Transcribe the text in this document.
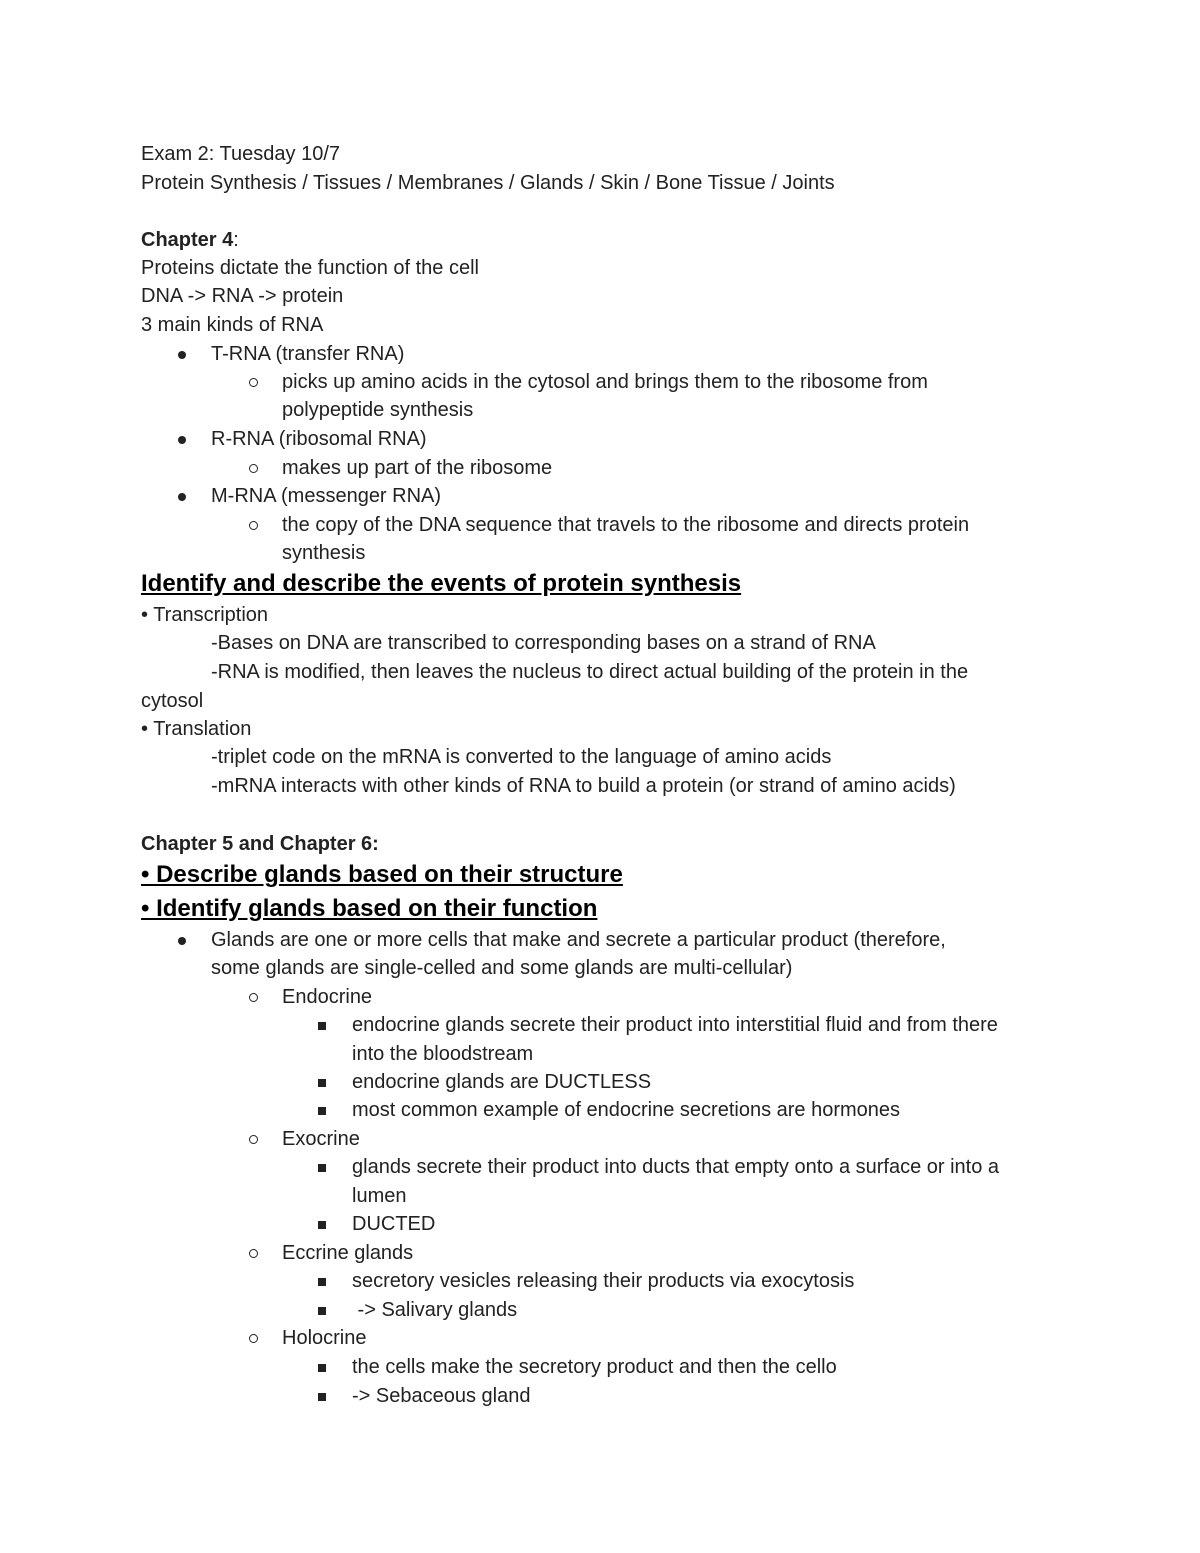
Exam 2: Tuesday 10/7
Protein Synthesis / Tissues / Membranes / Glands / Skin / Bone Tissue / Joints
Chapter 4:
Proteins dictate the function of the cell
DNA -> RNA -> protein
3 main kinds of RNA
T-RNA (transfer RNA)
picks up amino acids in the cytosol and brings them to the ribosome from
polypeptide synthesis
R-RNA (ribosomal RNA)
makes up part of the ribosome
M-RNA (messenger RNA)
the copy of the DNA sequence that travels to the ribosome and directs protein
synthesis
Identify and describe the events of protein synthesis
• Transcription
-Bases on DNA are transcribed to corresponding bases on a strand of RNA
-RNA is modified, then leaves the nucleus to direct actual building of the protein in the
cytosol
• Translation
-triplet code on the mRNA is converted to the language of amino acids
-mRNA interacts with other kinds of RNA to build a protein (or strand of amino acids)
Chapter 5 and Chapter 6:
• Describe glands based on their structure
• Identify glands based on their function
Glands are one or more cells that make and secrete a particular product (therefore,
some glands are single-celled and some glands are multi-cellular)
Endocrine
endocrine glands secrete their product into interstitial fluid and from there
into the bloodstream
endocrine glands are DUCTLESS
most common example of endocrine secretions are hormones
Exocrine
glands secrete their product into ducts that empty onto a surface or into a
lumen
DUCTED
Eccrine glands
secretory vesicles releasing their products via exocytosis
-> Salivary glands
Holocrine
the cells make the secretory product and then the cello
-> Sebaceous gland
